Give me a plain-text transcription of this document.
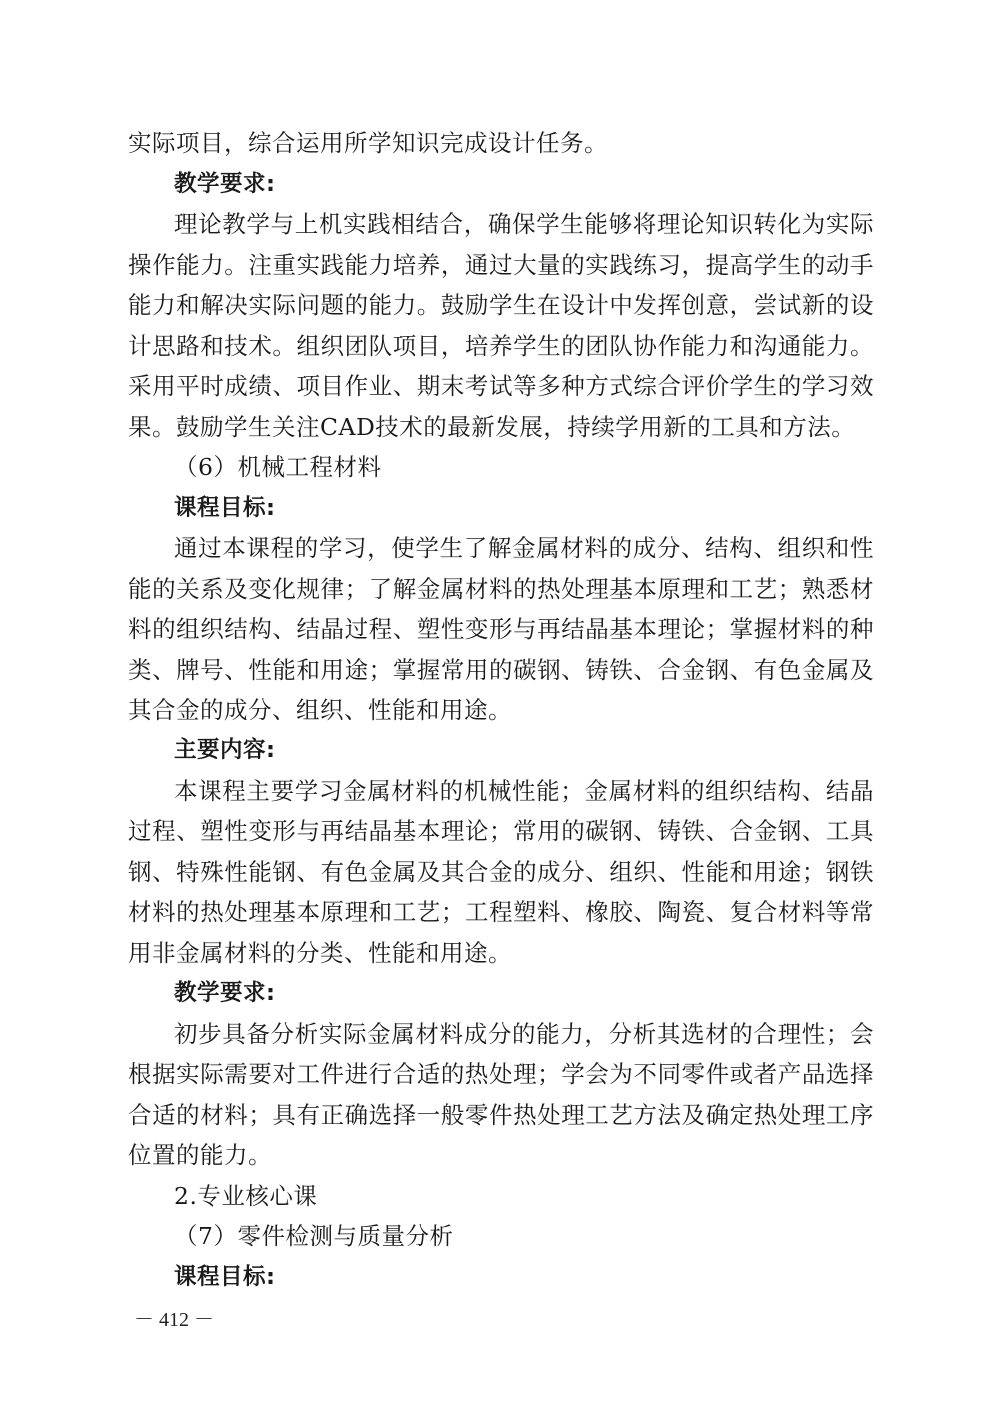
实际项目，综合运用所学知识完成设计任务。
教学要求:
理论教学与上机实践相结合，确保学生能够将理论知识转化为实际
操作能力。注重实践能力培养，通过大量的实践练习，提高学生的动手
能力和解决实际问题的能力。鼓励学生在设计中发挥创意，尝试新的设
计思路和技术。组织团队项目，培养学生的团队协作能力和沟通能力。
采用平时成绩、项目作业、期末考试等多种方式综合评价学生的学习效
果。鼓励学生关注CAD技术的最新发展，持续学用新的工具和方法。
（6）机械工程材料
课程目标:
通过本课程的学习，使学生了解金属材料的成分、结构、组织和性
能的关系及变化规律；了解金属材料的热处理基本原理和工艺；熟悉材
料的组织结构、结晶过程、塑性变形与再结晶基本理论；掌握材料的种
类、牌号、性能和用途；掌握常用的碳钢、铸铁、合金钢、有色金属及
其合金的成分、组织、性能和用途。
主要内容:
本课程主要学习金属材料的机械性能；金属材料的组织结构、结晶
过程、塑性变形与再结晶基本理论；常用的碳钢、铸铁、合金钢、工具
钢、特殊性能钢、有色金属及其合金的成分、组织、性能和用途；钢铁
材料的热处理基本原理和工艺；工程塑料、橡胶、陶瓷、复合材料等常
用非金属材料的分类、性能和用途。
教学要求:
初步具备分析实际金属材料成分的能力，分析其选材的合理性；会
根据实际需要对工件进行合适的热处理；学会为不同零件或者产品选择
合适的材料；具有正确选择一般零件热处理工艺方法及确定热处理工序
位置的能力。
2.专业核心课
（7）零件检测与质量分析
课程目标:
－ 412 －
